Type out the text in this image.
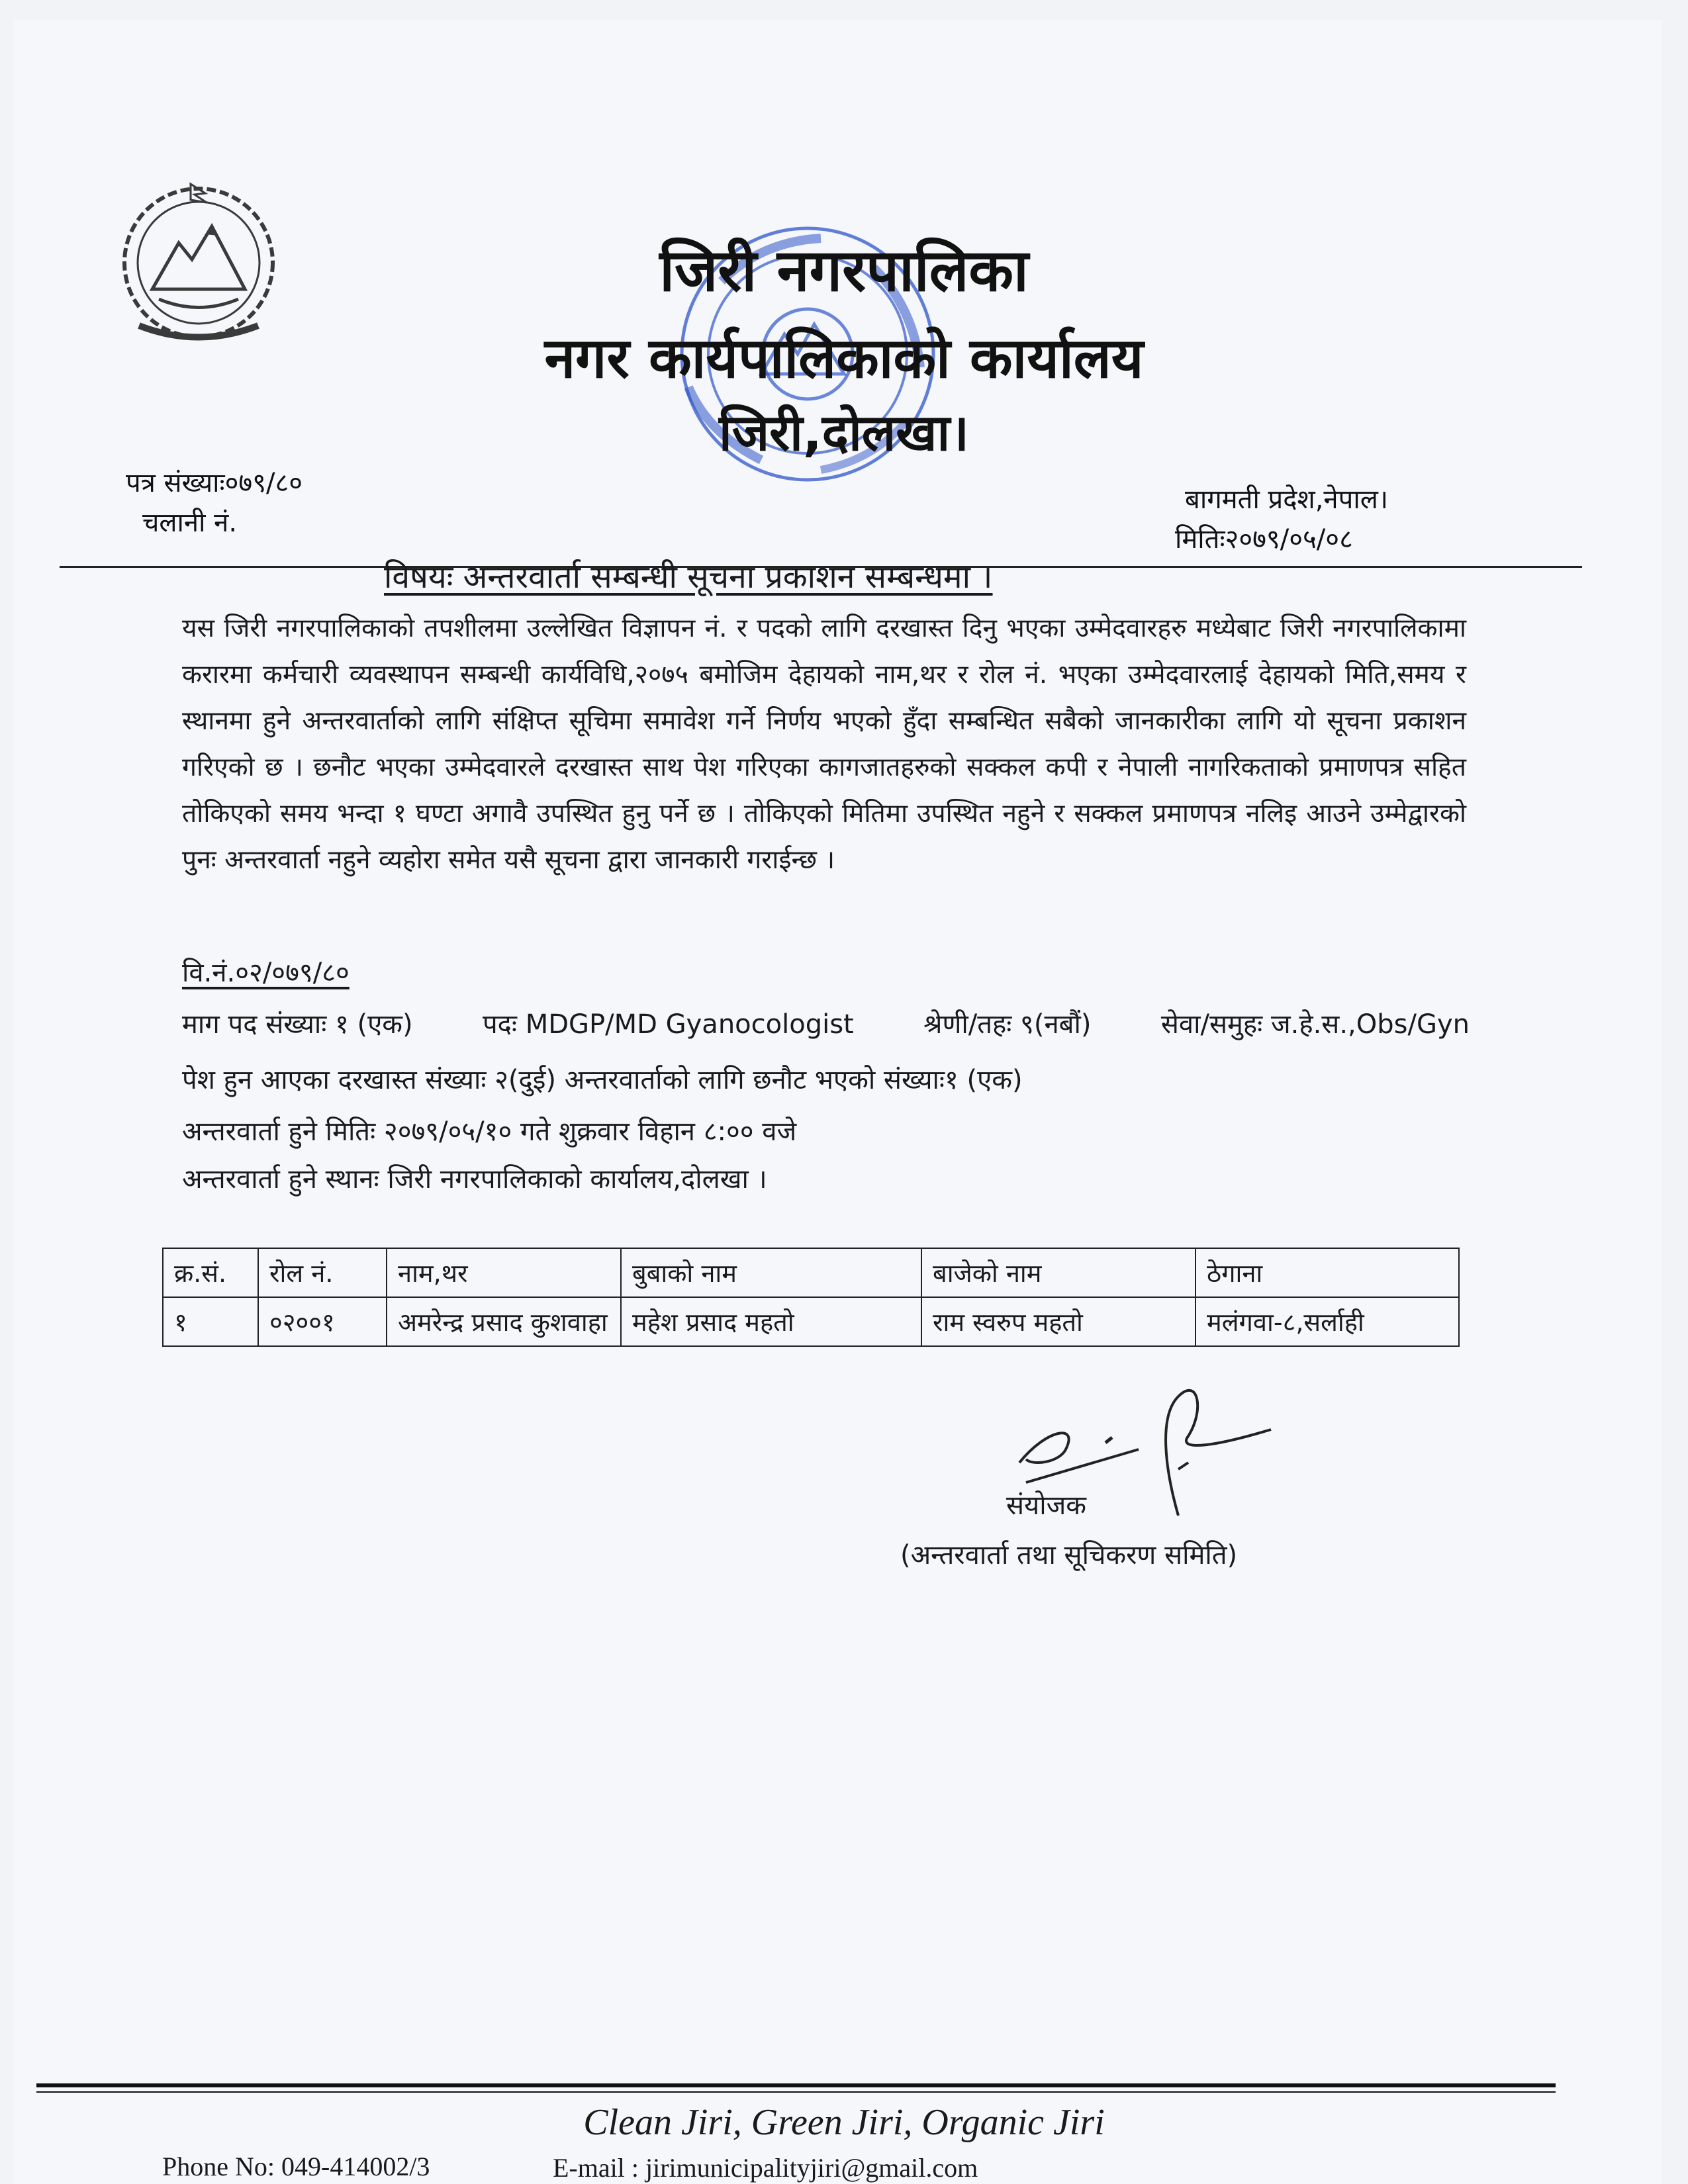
जिरी नगरपालिका
नगर कार्यपालिकाको कार्यालय
जिरी,दोलखा।
पत्र संख्याः०७९/८०
चलानी नं.
बागमती प्रदेश,नेपाल।
मितिः२०७९/०५/०८
विषयः अन्तरवार्ता सम्बन्धी सूचना प्रकाशन सम्बन्धमा ।
यस जिरी नगरपालिकाको तपशीलमा उल्लेखित विज्ञापन नं. र पदको लागि दरखास्त दिनु भएका उम्मेदवारहरु मध्येबाट जिरी नगरपालिकामा करारमा कर्मचारी व्यवस्थापन सम्बन्धी कार्यविधि,२०७५ बमोजिम देहायको नाम,थर र रोल नं. भएका उम्मेदवारलाई देहायको मिति,समय र स्थानमा हुने अन्तरवार्ताको लागि संक्षिप्त सूचिमा समावेश गर्ने निर्णय भएको हुँदा सम्बन्धित सबैको जानकारीका लागि यो सूचना प्रकाशन गरिएको छ । छनौट भएका उम्मेदवारले दरखास्त साथ पेश गरिएका कागजातहरुको सक्कल कपी र नेपाली नागरिकताको प्रमाणपत्र सहित तोकिएको समय भन्दा १ घण्टा अगावै उपस्थित हुनु पर्ने छ । तोकिएको मितिमा उपस्थित नहुने र सक्कल प्रमाणपत्र नलिइ आउने उम्मेद्वारको पुनः अन्तरवार्ता नहुने व्यहोरा समेत यसै सूचना द्वारा जानकारी गराईन्छ ।
वि.नं.०२/०७९/८०
माग पद संख्याः १ (एक)	पदः MDGP/MD Gyanocologist	श्रेणी/तहः ९(नबौं)	सेवा/समुहः ज.हे.स.,Obs/Gyn
पेश हुन आएका दरखास्त संख्याः २(दुई) अन्तरवार्ताको लागि छनौट भएको संख्याः१ (एक)
अन्तरवार्ता हुने मितिः २०७९/०५/१० गते शुक्रवार विहान ८:०० वजे
अन्तरवार्ता हुने स्थानः जिरी नगरपालिकाको कार्यालय,दोलखा ।
क्र.सं.	रोल नं.	नाम,थर	बुबाको नाम	बाजेको नाम	ठेगाना
१	०२००१	अमरेन्द्र प्रसाद कुशवाहा	महेश प्रसाद महतो	राम स्वरुप महतो	मलंगवा-८,सर्लाही
संयोजक
(अन्तरवार्ता तथा सूचिकरण समिति)
Clean Jiri, Green Jiri, Organic Jiri
Phone No: 049-414002/3	E-mail : jirimunicipalityjiri@gmail.com
